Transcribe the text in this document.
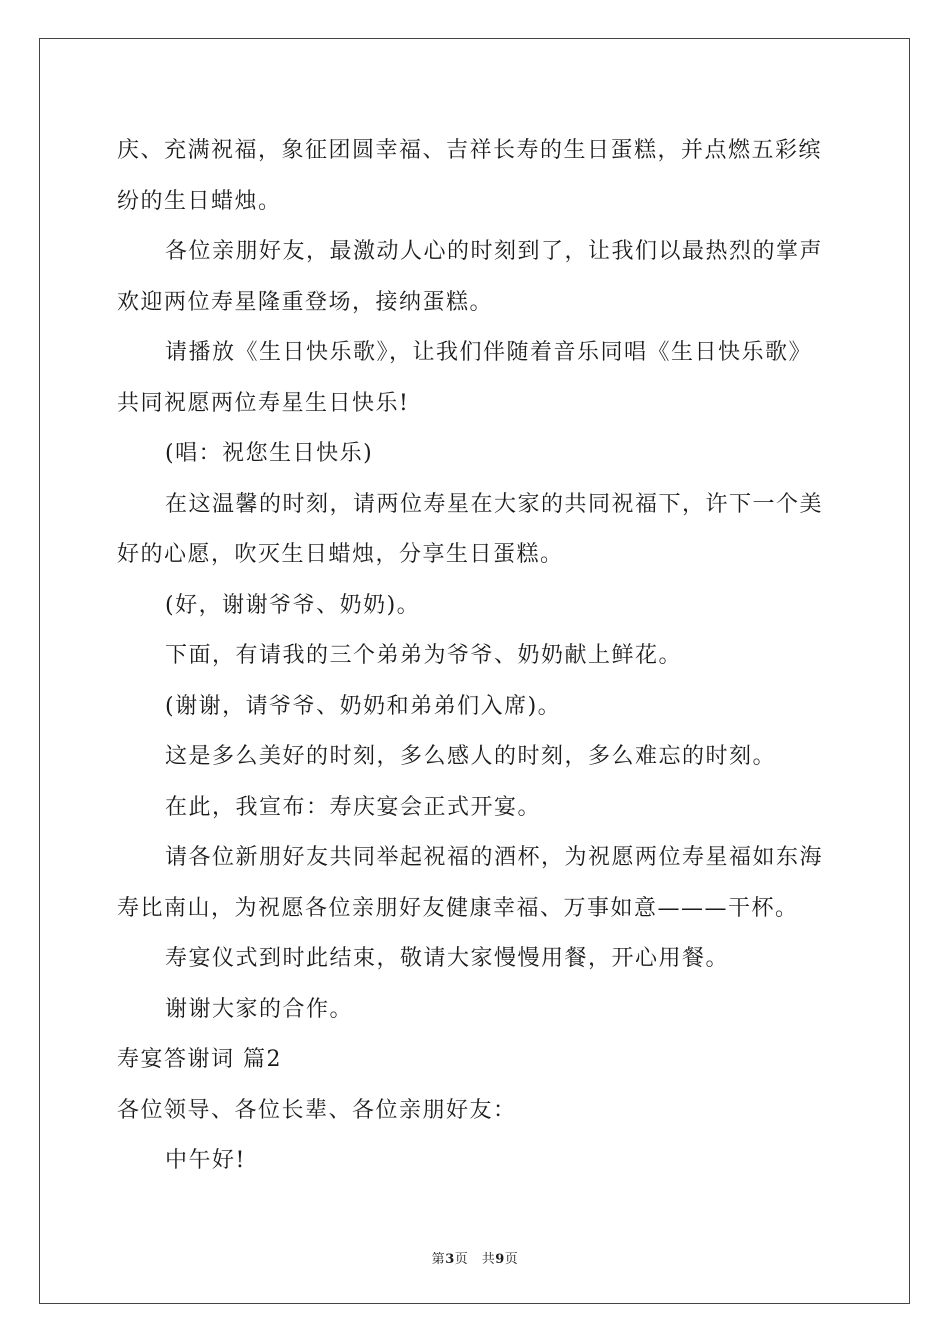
庆、充满祝福，象征团圆幸福、吉祥长寿的生日蛋糕，并点燃五彩缤
纷的生日蜡烛。
各位亲朋好友，最激动人心的时刻到了，让我们以最热烈的掌声
欢迎两位寿星隆重登场，接纳蛋糕。
请播放《生日快乐歌》，让我们伴随着音乐同唱《生日快乐歌》
共同祝愿两位寿星生日快乐!
(唱：祝您生日快乐)
在这温馨的时刻，请两位寿星在大家的共同祝福下，许下一个美
好的心愿，吹灭生日蜡烛，分享生日蛋糕。
(好，谢谢爷爷、奶奶)。
下面，有请我的三个弟弟为爷爷、奶奶献上鲜花。
(谢谢，请爷爷、奶奶和弟弟们入席)。
这是多么美好的时刻，多么感人的时刻，多么难忘的时刻。
在此，我宣布：寿庆宴会正式开宴。
请各位新朋好友共同举起祝福的酒杯，为祝愿两位寿星福如东海
寿比南山，为祝愿各位亲朋好友健康幸福、万事如意———干杯。
寿宴仪式到时此结束，敬请大家慢慢用餐，开心用餐。
谢谢大家的合作。
寿宴答谢词 篇2
各位领导、各位长辈、各位亲朋好友：
中午好!
第3页　共9页
